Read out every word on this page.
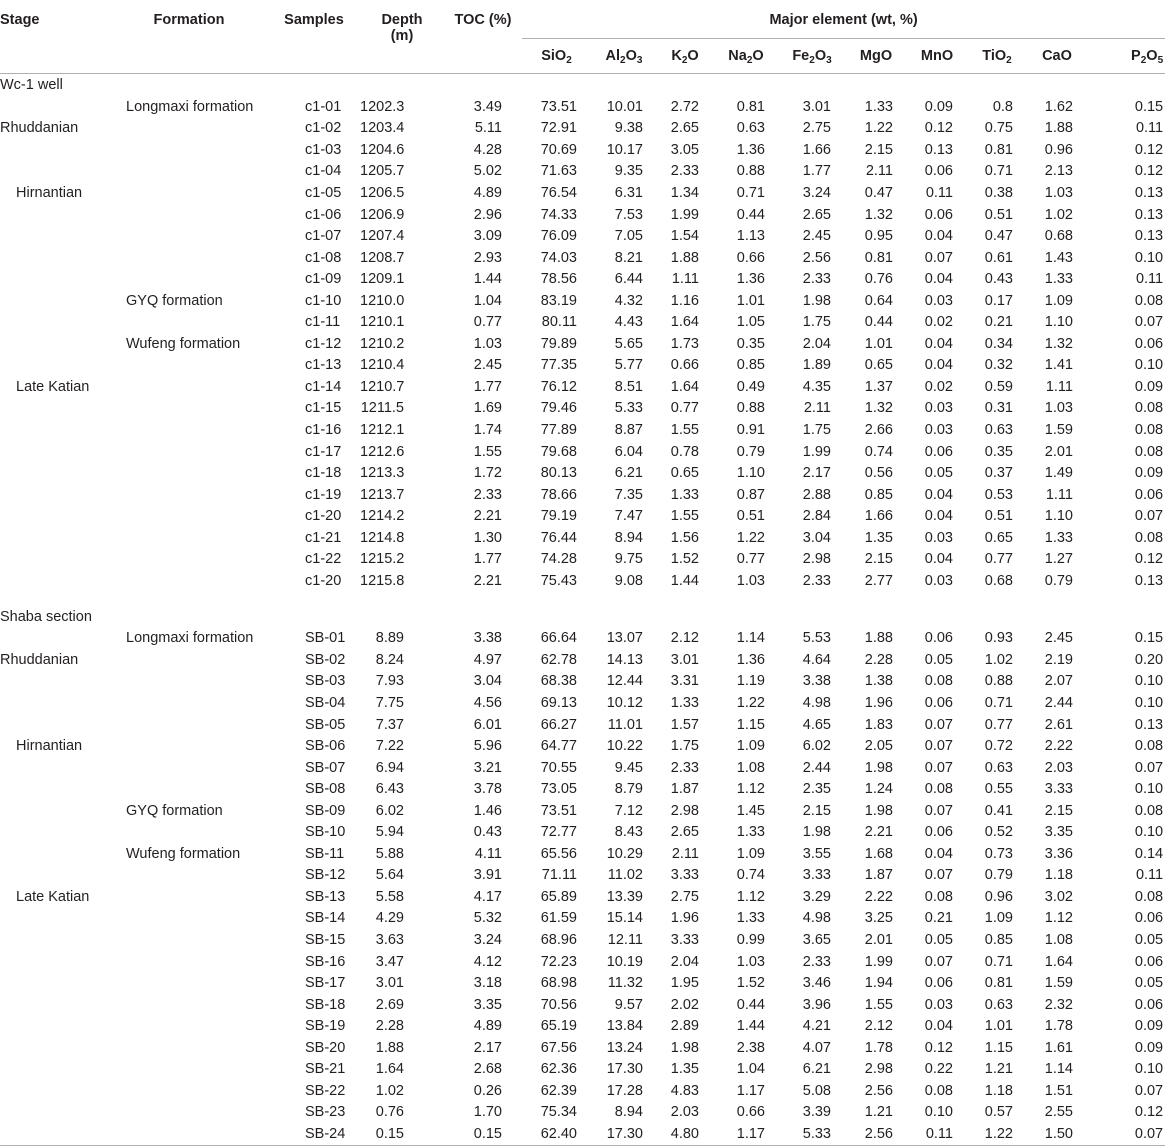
Stage	Formation	Samples	Depth
(m)	TOC (%)	Major element (wt, %)									
					SiO$_2$	$Al_2O_3$	$K_2O$	$Na_2O$	$Fe_2O_3$	MgO	MnO	TiO$_2$	CaO	$P_2O_5$
Wc-1 well														
	Longmaxi formation	c1-01	1202.3	3.49	73.51	10.01	2.72	0.81	3.01	1.33	0.09	0.8	1.62	0.15
Rhuddanian		c1-02	1203.4	5.11	72.91	9.38	2.65	0.63	2.75	1.22	0.12	0.75	1.88	0.11
		c1-03	1204.6	4.28	70.69	10.17	3.05	1.36	1.66	2.15	0.13	0.81	0.96	0.12
		c1-04	1205.7	5.02	71.63	9.35	2.33	0.88	1.77	2.11	0.06	0.71	2.13	0.12
Hirnantian		c1-05	1206.5	4.89	76.54	6.31	1.34	0.71	3.24	0.47	0.11	0.38	1.03	0.13
		c1-06	1206.9	2.96	74.33	7.53	1.99	0.44	2.65	1.32	0.06	0.51	1.02	0.13
		c1-07	1207.4	3.09	76.09	7.05	1.54	1.13	2.45	0.95	0.04	0.47	0.68	0.13
		c1-08	1208.7	2.93	74.03	8.21	1.88	0.66	2.56	0.81	0.07	0.61	1.43	0.10
		c1-09	1209.1	1.44	78.56	6.44	1.11	1.36	2.33	0.76	0.04	0.43	1.33	0.11
	GYQ formation	c1-10	1210.0	1.04	83.19	4.32	1.16	1.01	1.98	0.64	0.03	0.17	1.09	0.08
		c1-11	1210.1	0.77	80.11	4.43	1.64	1.05	1.75	0.44	0.02	0.21	1.10	0.07
	Wufeng formation	c1-12	1210.2	1.03	79.89	5.65	1.73	0.35	2.04	1.01	0.04	0.34	1.32	0.06
		c1-13	1210.4	2.45	77.35	5.77	0.66	0.85	1.89	0.65	0.04	0.32	1.41	0.10
Late Katian		c1-14	1210.7	1.77	76.12	8.51	1.64	0.49	4.35	1.37	0.02	0.59	1.11	0.09
		c1-15	1211.5	1.69	79.46	5.33	0.77	0.88	2.11	1.32	0.03	0.31	1.03	0.08
		c1-16	1212.1	1.74	77.89	8.87	1.55	0.91	1.75	2.66	0.03	0.63	1.59	0.08
		c1-17	1212.6	1.55	79.68	6.04	0.78	0.79	1.99	0.74	0.06	0.35	2.01	0.08
		c1-18	1213.3	1.72	80.13	6.21	0.65	1.10	2.17	0.56	0.05	0.37	1.49	0.09
		c1-19	1213.7	2.33	78.66	7.35	1.33	0.87	2.88	0.85	0.04	0.53	1.11	0.06
		c1-20	1214.2	2.21	79.19	7.47	1.55	0.51	2.84	1.66	0.04	0.51	1.10	0.07
		c1-21	1214.8	1.30	76.44	8.94	1.56	1.22	3.04	1.35	0.03	0.65	1.33	0.08
		c1-22	1215.2	1.77	74.28	9.75	1.52	0.77	2.98	2.15	0.04	0.77	1.27	0.12
		c1-20	1215.8	2.21	75.43	9.08	1.44	1.03	2.33	2.77	0.03	0.68	0.79	0.13

Shaba section														
	Longmaxi formation	SB-01	8.89	3.38	66.64	13.07	2.12	1.14	5.53	1.88	0.06	0.93	2.45	0.15
Rhuddanian		SB-02	8.24	4.97	62.78	14.13	3.01	1.36	4.64	2.28	0.05	1.02	2.19	0.20
		SB-03	7.93	3.04	68.38	12.44	3.31	1.19	3.38	1.38	0.08	0.88	2.07	0.10
		SB-04	7.75	4.56	69.13	10.12	1.33	1.22	4.98	1.96	0.06	0.71	2.44	0.10
		SB-05	7.37	6.01	66.27	11.01	1.57	1.15	4.65	1.83	0.07	0.77	2.61	0.13
Hirnantian		SB-06	7.22	5.96	64.77	10.22	1.75	1.09	6.02	2.05	0.07	0.72	2.22	0.08
		SB-07	6.94	3.21	70.55	9.45	2.33	1.08	2.44	1.98	0.07	0.63	2.03	0.07
		SB-08	6.43	3.78	73.05	8.79	1.87	1.12	2.35	1.24	0.08	0.55	3.33	0.10
	GYQ formation	SB-09	6.02	1.46	73.51	7.12	2.98	1.45	2.15	1.98	0.07	0.41	2.15	0.08
		SB-10	5.94	0.43	72.77	8.43	2.65	1.33	1.98	2.21	0.06	0.52	3.35	0.10
	Wufeng formation	SB-11	5.88	4.11	65.56	10.29	2.11	1.09	3.55	1.68	0.04	0.73	3.36	0.14
		SB-12	5.64	3.91	71.11	11.02	3.33	0.74	3.33	1.87	0.07	0.79	1.18	0.11
Late Katian		SB-13	5.58	4.17	65.89	13.39	2.75	1.12	3.29	2.22	0.08	0.96	3.02	0.08
		SB-14	4.29	5.32	61.59	15.14	1.96	1.33	4.98	3.25	0.21	1.09	1.12	0.06
		SB-15	3.63	3.24	68.96	12.11	3.33	0.99	3.65	2.01	0.05	0.85	1.08	0.05
		SB-16	3.47	4.12	72.23	10.19	2.04	1.03	2.33	1.99	0.07	0.71	1.64	0.06
		SB-17	3.01	3.18	68.98	11.32	1.95	1.52	3.46	1.94	0.06	0.81	1.59	0.05
		SB-18	2.69	3.35	70.56	9.57	2.02	0.44	3.96	1.55	0.03	0.63	2.32	0.06
		SB-19	2.28	4.89	65.19	13.84	2.89	1.44	4.21	2.12	0.04	1.01	1.78	0.09
		SB-20	1.88	2.17	67.56	13.24	1.98	2.38	4.07	1.78	0.12	1.15	1.61	0.09
		SB-21	1.64	2.68	62.36	17.30	1.35	1.04	6.21	2.98	0.22	1.21	1.14	0.10
		SB-22	1.02	0.26	62.39	17.28	4.83	1.17	5.08	2.56	0.08	1.18	1.51	0.07
		SB-23	0.76	1.70	75.34	8.94	2.03	0.66	3.39	1.21	0.10	0.57	2.55	0.12
		SB-24	0.15	0.15	62.40	17.30	4.80	1.17	5.33	2.56	0.11	1.22	1.50	0.07
